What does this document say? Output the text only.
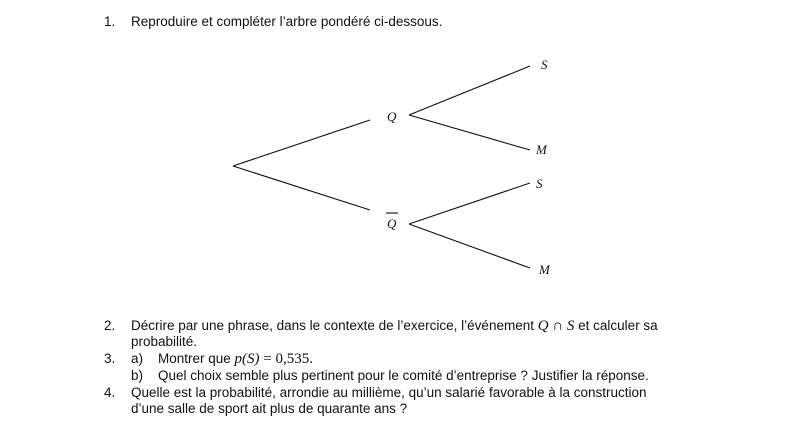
1. Reproduire et compléter l’arbre pondéré ci-dessous.
Q
Q
S
M
S
M
2. Décrire par une phrase, dans le contexte de l’exercice, l’événement Q ∩ S et calculer sa
probabilité.
3. a) Montrer que p(S) = 0,535.
b) Quel choix semble plus pertinent pour le comité d’entreprise ? Justifier la réponse.
4. Quelle est la probabilité, arrondie au millième, qu’un salarié favorable à la construction
d’une salle de sport ait plus de quarante ans ?
